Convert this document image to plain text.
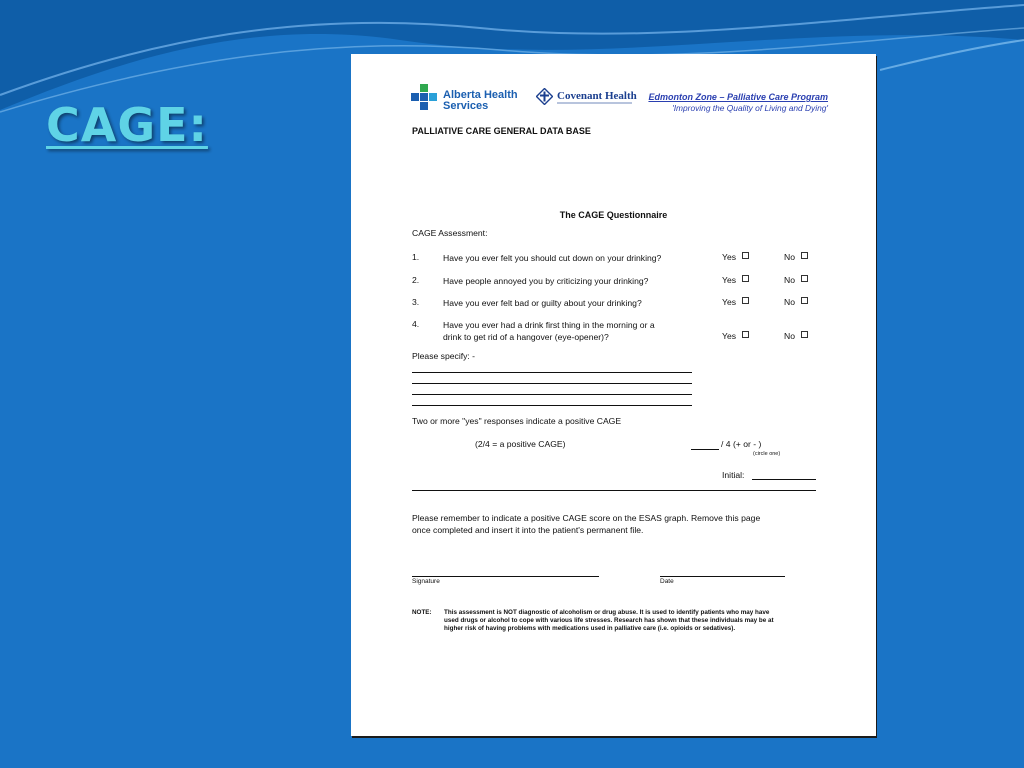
CAGE:
Alberta Health
Services
Covenant Health Edmonton Zone – Palliative Care Program
'Improving the Quality of Living and Dying'
PALLIATIVE CARE GENERAL DATA BASE
The CAGE Questionnaire
CAGE Assessment:
1.	Have you ever felt you should cut down on your drinking?	Yes	No
2.	Have people annoyed you by criticizing your drinking?	Yes	No
3.	Have you ever felt bad or guilty about your drinking?	Yes	No
4.	Have you ever had a drink first thing in the morning or a
drink to get rid of a hangover (eye-opener)?	Yes	No
Please specify: -
Two or more "yes" responses indicate a positive CAGE
(2/4 = a positive CAGE)	/ 4 (+ or - )
(circle one)
Initial:
Please remember to indicate a positive CAGE score on the ESAS graph. Remove this page
once completed and insert it into the patient's permanent file.
Signature	Date
NOTE: This assessment is NOT diagnostic of alcoholism or drug abuse. It is used to identify patients who may have
used drugs or alcohol to cope with various life stresses. Research has shown that these individuals may be at
higher risk of having problems with medications used in palliative care (i.e. opioids or sedatives).
